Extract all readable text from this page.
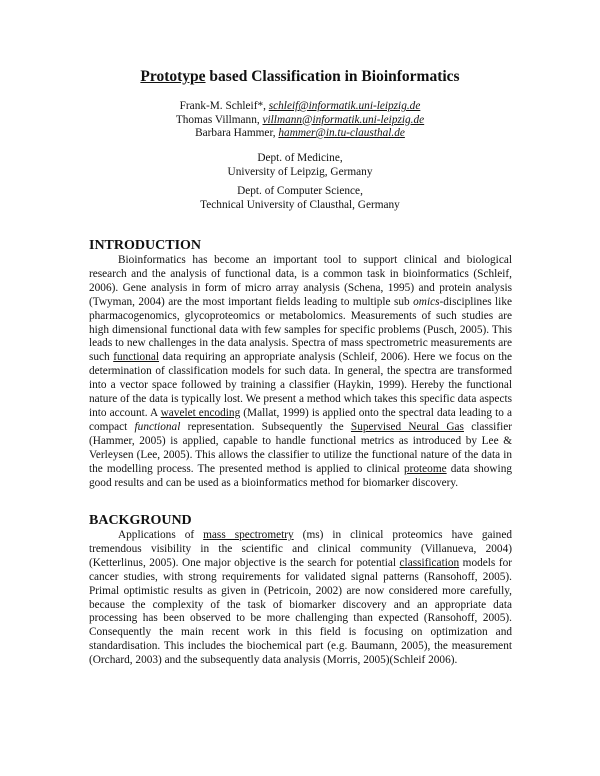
Prototype based Classification in Bioinformatics
Frank-M. Schleif*, schleif@informatik.uni-leipzig.de
Thomas Villmann, villmann@informatik.uni-leipzig.de
Barbara Hammer, hammer@in.tu-clausthal.de
Dept. of Medicine,
University of Leipzig, Germany
Dept. of Computer Science,
Technical University of Clausthal, Germany
INTRODUCTION
Bioinformatics has become an important tool to support clinical and biological research and the analysis of functional data, is a common task in bioinformatics (Schleif, 2006). Gene analysis in form of micro array analysis (Schena, 1995) and protein analysis (Twyman, 2004) are the most important fields leading to multiple sub omics-disciplines like pharmacogenomics, glycoproteomics or metabolomics. Measurements of such studies are high dimensional functional data with few samples for specific problems (Pusch, 2005). This leads to new challenges in the data analysis. Spectra of mass spectrometric measurements are such functional data requiring an appropriate analysis (Schleif, 2006). Here we focus on the determination of classification models for such data. In general, the spectra are transformed into a vector space followed by training a classifier (Haykin, 1999). Hereby the functional nature of the data is typically lost. We present a method which takes this specific data aspects into account. A wavelet encoding (Mallat, 1999) is applied onto the spectral data leading to a compact functional representation. Subsequently the Supervised Neural Gas classifier (Hammer, 2005) is applied, capable to handle functional metrics as introduced by Lee & Verleysen (Lee, 2005). This allows the classifier to utilize the functional nature of the data in the modelling process. The presented method is applied to clinical proteome data showing good results and can be used as a bioinformatics method for biomarker discovery.
BACKGROUND
Applications of mass spectrometry (ms) in clinical proteomics have gained tremendous visibility in the scientific and clinical community (Villanueva, 2004) (Ketterlinus, 2005). One major objective is the search for potential classification models for cancer studies, with strong requirements for validated signal patterns (Ransohoff, 2005). Primal optimistic results as given in (Petricoin, 2002) are now considered more carefully, because the complexity of the task of biomarker discovery and an appropriate data processing has been observed to be more challenging than expected (Ransohoff, 2005). Consequently the main recent work in this field is focusing on optimization and standardisation. This includes the biochemical part (e.g. Baumann, 2005), the measurement (Orchard, 2003) and the subsequently data analysis (Morris, 2005)(Schleif 2006).
